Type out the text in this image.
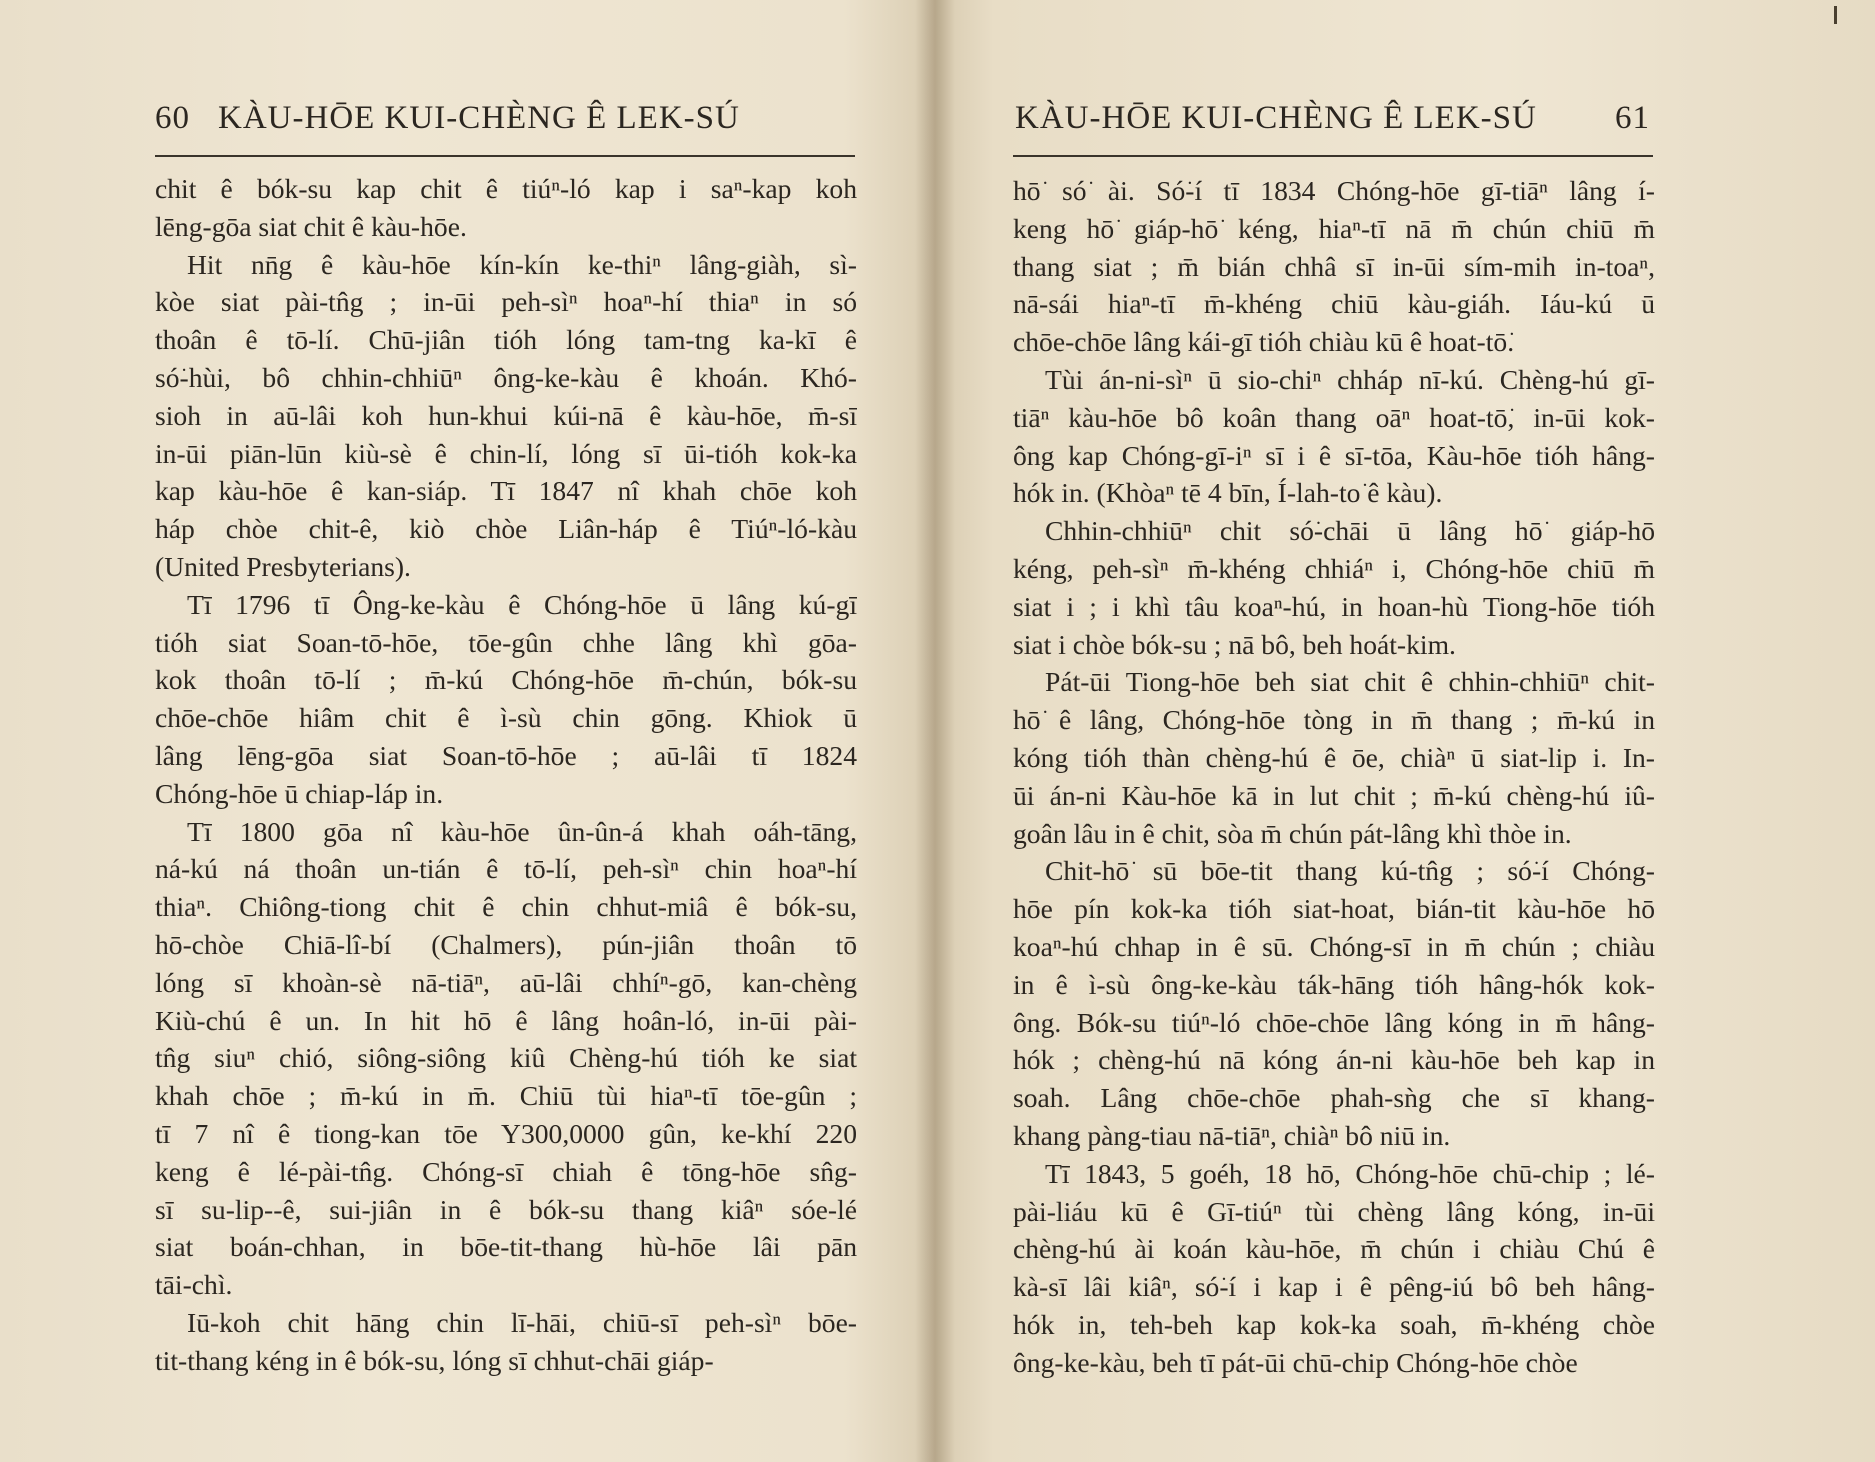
60 KÀU-HŌE KUI-CHÈNG Ê LEK-SÚ
chit ê bók-su kap chit ê tiúⁿ-ló kap i saⁿ-kap koh
lēng-gōa siat chit ê kàu-hōe.
Hit nn̄g ê kàu-hōe kín-kín ke-thiⁿ lâng-giàh, sì-
kòe siat pài-tn̂g ; in-ūi peh-sìⁿ hoaⁿ-hí thiaⁿ in só͘
thoân ê tō-lí. Chū-jiân tióh lóng tam-tng ka-kī ê
só͘-hùi, bô chhin-chhiūⁿ ông-ke-kàu ê khoán. Khó-
sioh in aū-lâi koh hun-khui kúi-nā ê kàu-hōe, m̄-sī
in-ūi piān-lūn kiù-sè ê chin-lí, lóng sī ūi-tióh kok-ka
kap kàu-hōe ê kan-siáp. Tī 1847 nî khah chōe koh
háp chòe chit-ê, kiò chòe Liân-háp ê Tiúⁿ-ló-kàu
(United Presbyterians).
Tī 1796 tī Ông-ke-kàu ê Chóng-hōe ū lâng kú-gī
tióh siat Soan-tō-hōe, tōe-gûn chhe lâng khì gōa-
kok thoân tō-lí ; m̄-kú Chóng-hōe m̄-chún, bók-su
chōe-chōe hiâm chit ê ì-sù chin gōng. Khiok ū
lâng lēng-gōa siat Soan-tō-hōe ; aū-lâi tī 1824
Chóng-hōe ū chiap-láp in.
Tī 1800 gōa nî kàu-hōe ûn-ûn-á khah oáh-tāng,
ná-kú ná thoân un-tián ê tō-lí, peh-sìⁿ chin hoaⁿ-hí
thiaⁿ. Chiông-tiong chit ê chin chhut-miâ ê bók-su,
hō-chòe Chiā-lî-bí (Chalmers), pún-jiân thoân tō
lóng sī khoàn-sè nā-tiāⁿ, aū-lâi chhíⁿ-gō, kan-chèng
Kiù-chú ê un. In hit hō ê lâng hoân-ló, in-ūi pài-
tn̂g siuⁿ chió, siông-siông kiû Chèng-hú tióh ke siat
khah chōe ; m̄-kú in m̄. Chiū tùi hiaⁿ-tī tōe-gûn ;
tī 7 nî ê tiong-kan tōe Y300,0000 gûn, ke-khí 220
keng ê lé-pài-tn̂g. Chóng-sī chiah ê tōng-hōe sn̂g-
sī su-lip--ê, sui-jiân in ê bók-su thang kiâⁿ sóe-lé
siat boán-chhan, in bōe-tit-thang hù-hōe lâi pān
tāi-chì.
Iū-koh chit hāng chin lī-hāi, chiū-sī peh-sìⁿ bōe-
tit-thang kéng in ê bók-su, lóng sī chhut-chāi giáp-
KÀU-HŌE KUI-CHÈNG Ê LEK-SÚ 61
hō͘ só͘ ài. Só͘-í tī 1834 Chóng-hōe gī-tiāⁿ lâng í-
keng hō͘ giáp-hō͘ kéng, hiaⁿ-tī nā m̄ chún chiū m̄
thang siat ; m̄ bián chhâ sī in-ūi sím-mih in-toaⁿ,
nā-sái hiaⁿ-tī m̄-khéng chiū kàu-giáh. Iáu-kú ū
chōe-chōe lâng kái-gī tióh chiàu kū ê hoat-tō͘.
Tùi án-ni-sìⁿ ū sio-chiⁿ chháp nī-kú. Chèng-hú gī-
tiāⁿ kàu-hōe bô koân thang oāⁿ hoat-tō͘, in-ūi kok-
ông kap Chóng-gī-iⁿ sī i ê sī-tōa, Kàu-hōe tióh hâng-
hók in. (Khòaⁿ tē 4 bīn, Í-lah-to͘ ê kàu).
Chhin-chhiūⁿ chit só͘-chāi ū lâng hō͘ giáp-hō͘
kéng, peh-sìⁿ m̄-khéng chhiáⁿ i, Chóng-hōe chiū m̄
siat i ; i khì tâu koaⁿ-hú, in hoan-hù Tiong-hōe tióh
siat i chòe bók-su ; nā bô, beh hoát-kim.
Pát-ūi Tiong-hōe beh siat chit ê chhin-chhiūⁿ chit-
hō͘ ê lâng, Chóng-hōe tòng in m̄ thang ; m̄-kú in
kóng tióh thàn chèng-hú ê ōe, chiàⁿ ū siat-lip i. In-
ūi án-ni Kàu-hōe kā in lut chit ; m̄-kú chèng-hú iû-
goân lâu in ê chit, sòa m̄ chún pát-lâng khì thòe in.
Chit-hō͘ sū bōe-tit thang kú-tn̂g ; só͘-í Chóng-
hōe pín kok-ka tióh siat-hoat, bián-tit kàu-hōe hō͘
koaⁿ-hú chhap in ê sū. Chóng-sī in m̄ chún ; chiàu
in ê ì-sù ông-ke-kàu ták-hāng tióh hâng-hók kok-
ông. Bók-su tiúⁿ-ló chōe-chōe lâng kóng in m̄ hâng-
hók ; chèng-hú nā kóng án-ni kàu-hōe beh kap in
soah. Lâng chōe-chōe phah-sǹg che sī khang-
khang pàng-tiau nā-tiāⁿ, chiàⁿ bô niū in.
Tī 1843, 5 goéh, 18 hō, Chóng-hōe chū-chip ; lé-
pài-liáu kū ê Gī-tiúⁿ tùi chèng lâng kóng, in-ūi
chèng-hú ài koán kàu-hōe, m̄ chún i chiàu Chú ê
kà-sī lâi kiâⁿ, só͘-í i kap i ê pêng-iú bô beh hâng-
hók in, teh-beh kap kok-ka soah, m̄-khéng chòe
ông-ke-kàu, beh tī pát-ūi chū-chip Chóng-hōe chòe
